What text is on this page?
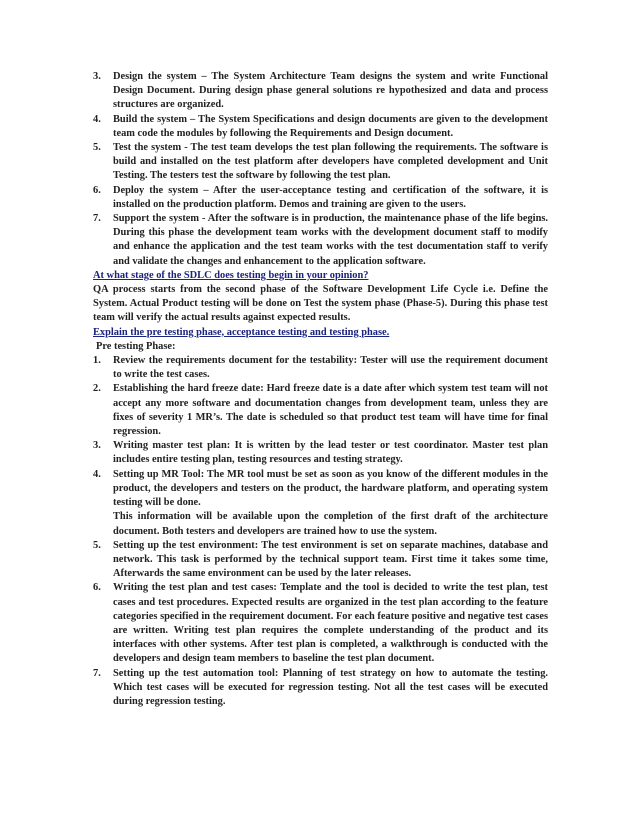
3.	Design the system – The System Architecture Team designs the system and write Functional Design Document. During design phase general solutions re hypothesized and data and process structures are organized.
4.	Build the system – The System Specifications and design documents are given to the development team code the modules by following the Requirements and Design document.
5.	Test the system - The test team develops the test plan following the requirements. The software is build and installed on the test platform after developers have completed development and Unit Testing. The testers test the software by following the test plan.
6.	Deploy the system – After the user-acceptance testing and certification of the software, it is installed on the production platform. Demos and training are given to the users.
7.	Support the system - After the software is in production, the maintenance phase of the life begins. During this phase the development team works with the development document staff to modify and enhance the application and the test team works with the test documentation staff to verify and validate the changes and enhancement to the application software.

At what stage of the SDLC does testing begin in your opinion?

QA process starts from the second phase of the Software Development Life Cycle i.e. Define the System. Actual Product testing will be done on Test the system phase (Phase-5). During this phase test team will verify the actual results against expected results.

Explain the pre testing phase, acceptance testing and testing phase.

Pre testing Phase:

1.	Review the requirements document for the testability: Tester will use the requirement document to write the test cases.
2.	Establishing the hard freeze date: Hard freeze date is a date after which system test team will not accept any more software and documentation changes from development team, unless they are fixes of severity 1 MR’s. The date is scheduled so that product test team will have time for final regression.
3.	Writing master test plan: It is written by the lead tester or test coordinator. Master test plan includes entire testing plan, testing resources and testing strategy.
4.	Setting up MR Tool: The MR tool must be set as soon as you know of the different modules in the product, the developers and testers on the product, the hardware platform, and operating system testing will be done.
This information will be available upon the completion of the first draft of the architecture document. Both testers and developers are trained how to use the system.
5.	Setting up the test environment: The test environment is set on separate machines, database and network. This task is performed by the technical support team. First time it takes some time, Afterwards the same environment can be used by the later releases.
6.	Writing the test plan and test cases: Template and the tool is decided to write the test plan, test cases and test procedures. Expected results are organized in the test plan according to the feature categories specified in the requirement document. For each feature positive and negative test cases are written. Writing test plan requires the complete understanding of the product and its interfaces with other systems. After test plan is completed, a walkthrough is conducted with the developers and design team members to baseline the test plan document.
7.	Setting up the test automation tool: Planning of test strategy on how to automate the testing. Which test cases will be executed for regression testing. Not all the test cases will be executed during regression testing.
